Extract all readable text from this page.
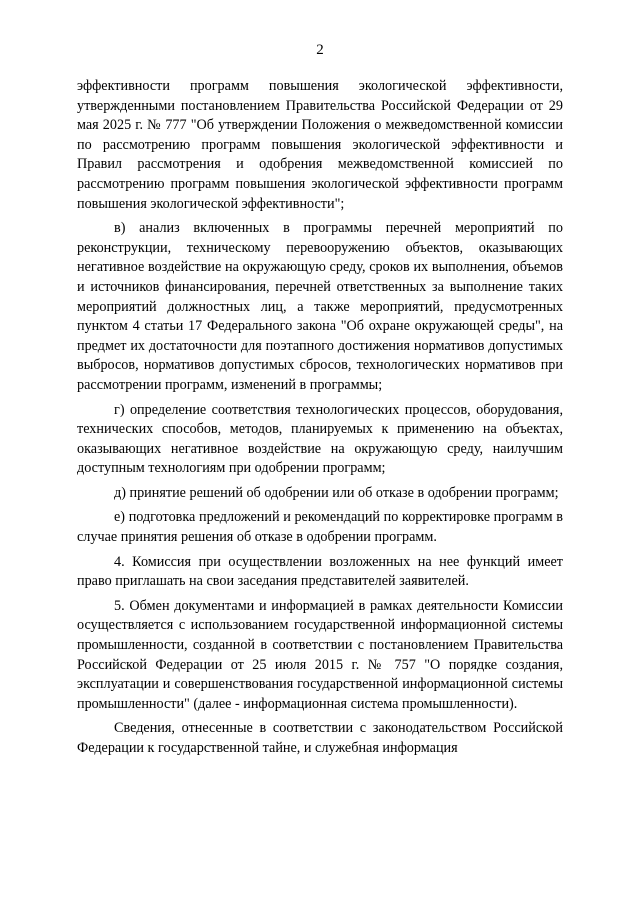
2

эффективности программ повышения экологической эффективности, утвержденными постановлением Правительства Российской Федерации от 29 мая 2025 г. № 777 "Об утверждении Положения о межведомственной комиссии по рассмотрению программ повышения экологической эффективности и Правил рассмотрения и одобрения межведомственной комиссией по рассмотрению программ повышения экологической эффективности программ повышения экологической эффективности";

в) анализ включенных в программы перечней мероприятий по реконструкции, техническому перевооружению объектов, оказывающих негативное воздействие на окружающую среду, сроков их выполнения, объемов и источников финансирования, перечней ответственных за выполнение таких мероприятий должностных лиц, а также мероприятий, предусмотренных пунктом 4 статьи 17 Федерального закона "Об охране окружающей среды", на предмет их достаточности для поэтапного достижения нормативов допустимых выбросов, нормативов допустимых сбросов, технологических нормативов при рассмотрении программ, изменений в программы;

г) определение соответствия технологических процессов, оборудования, технических способов, методов, планируемых к применению на объектах, оказывающих негативное воздействие на окружающую среду, наилучшим доступным технологиям при одобрении программ;

д) принятие решений об одобрении или об отказе в одобрении программ;

е) подготовка предложений и рекомендаций по корректировке программ в случае принятия решения об отказе в одобрении программ.

4. Комиссия при осуществлении возложенных на нее функций имеет право приглашать на свои заседания представителей заявителей.

5. Обмен документами и информацией в рамках деятельности Комиссии осуществляется с использованием государственной информационной системы промышленности, созданной в соответствии с постановлением Правительства Российской Федерации от 25 июля 2015 г. № 757 "О порядке создания, эксплуатации и совершенствования государственной информационной системы промышленности" (далее - информационная система промышленности).

Сведения, отнесенные в соответствии с законодательством Российской Федерации к государственной тайне, и служебная информация
